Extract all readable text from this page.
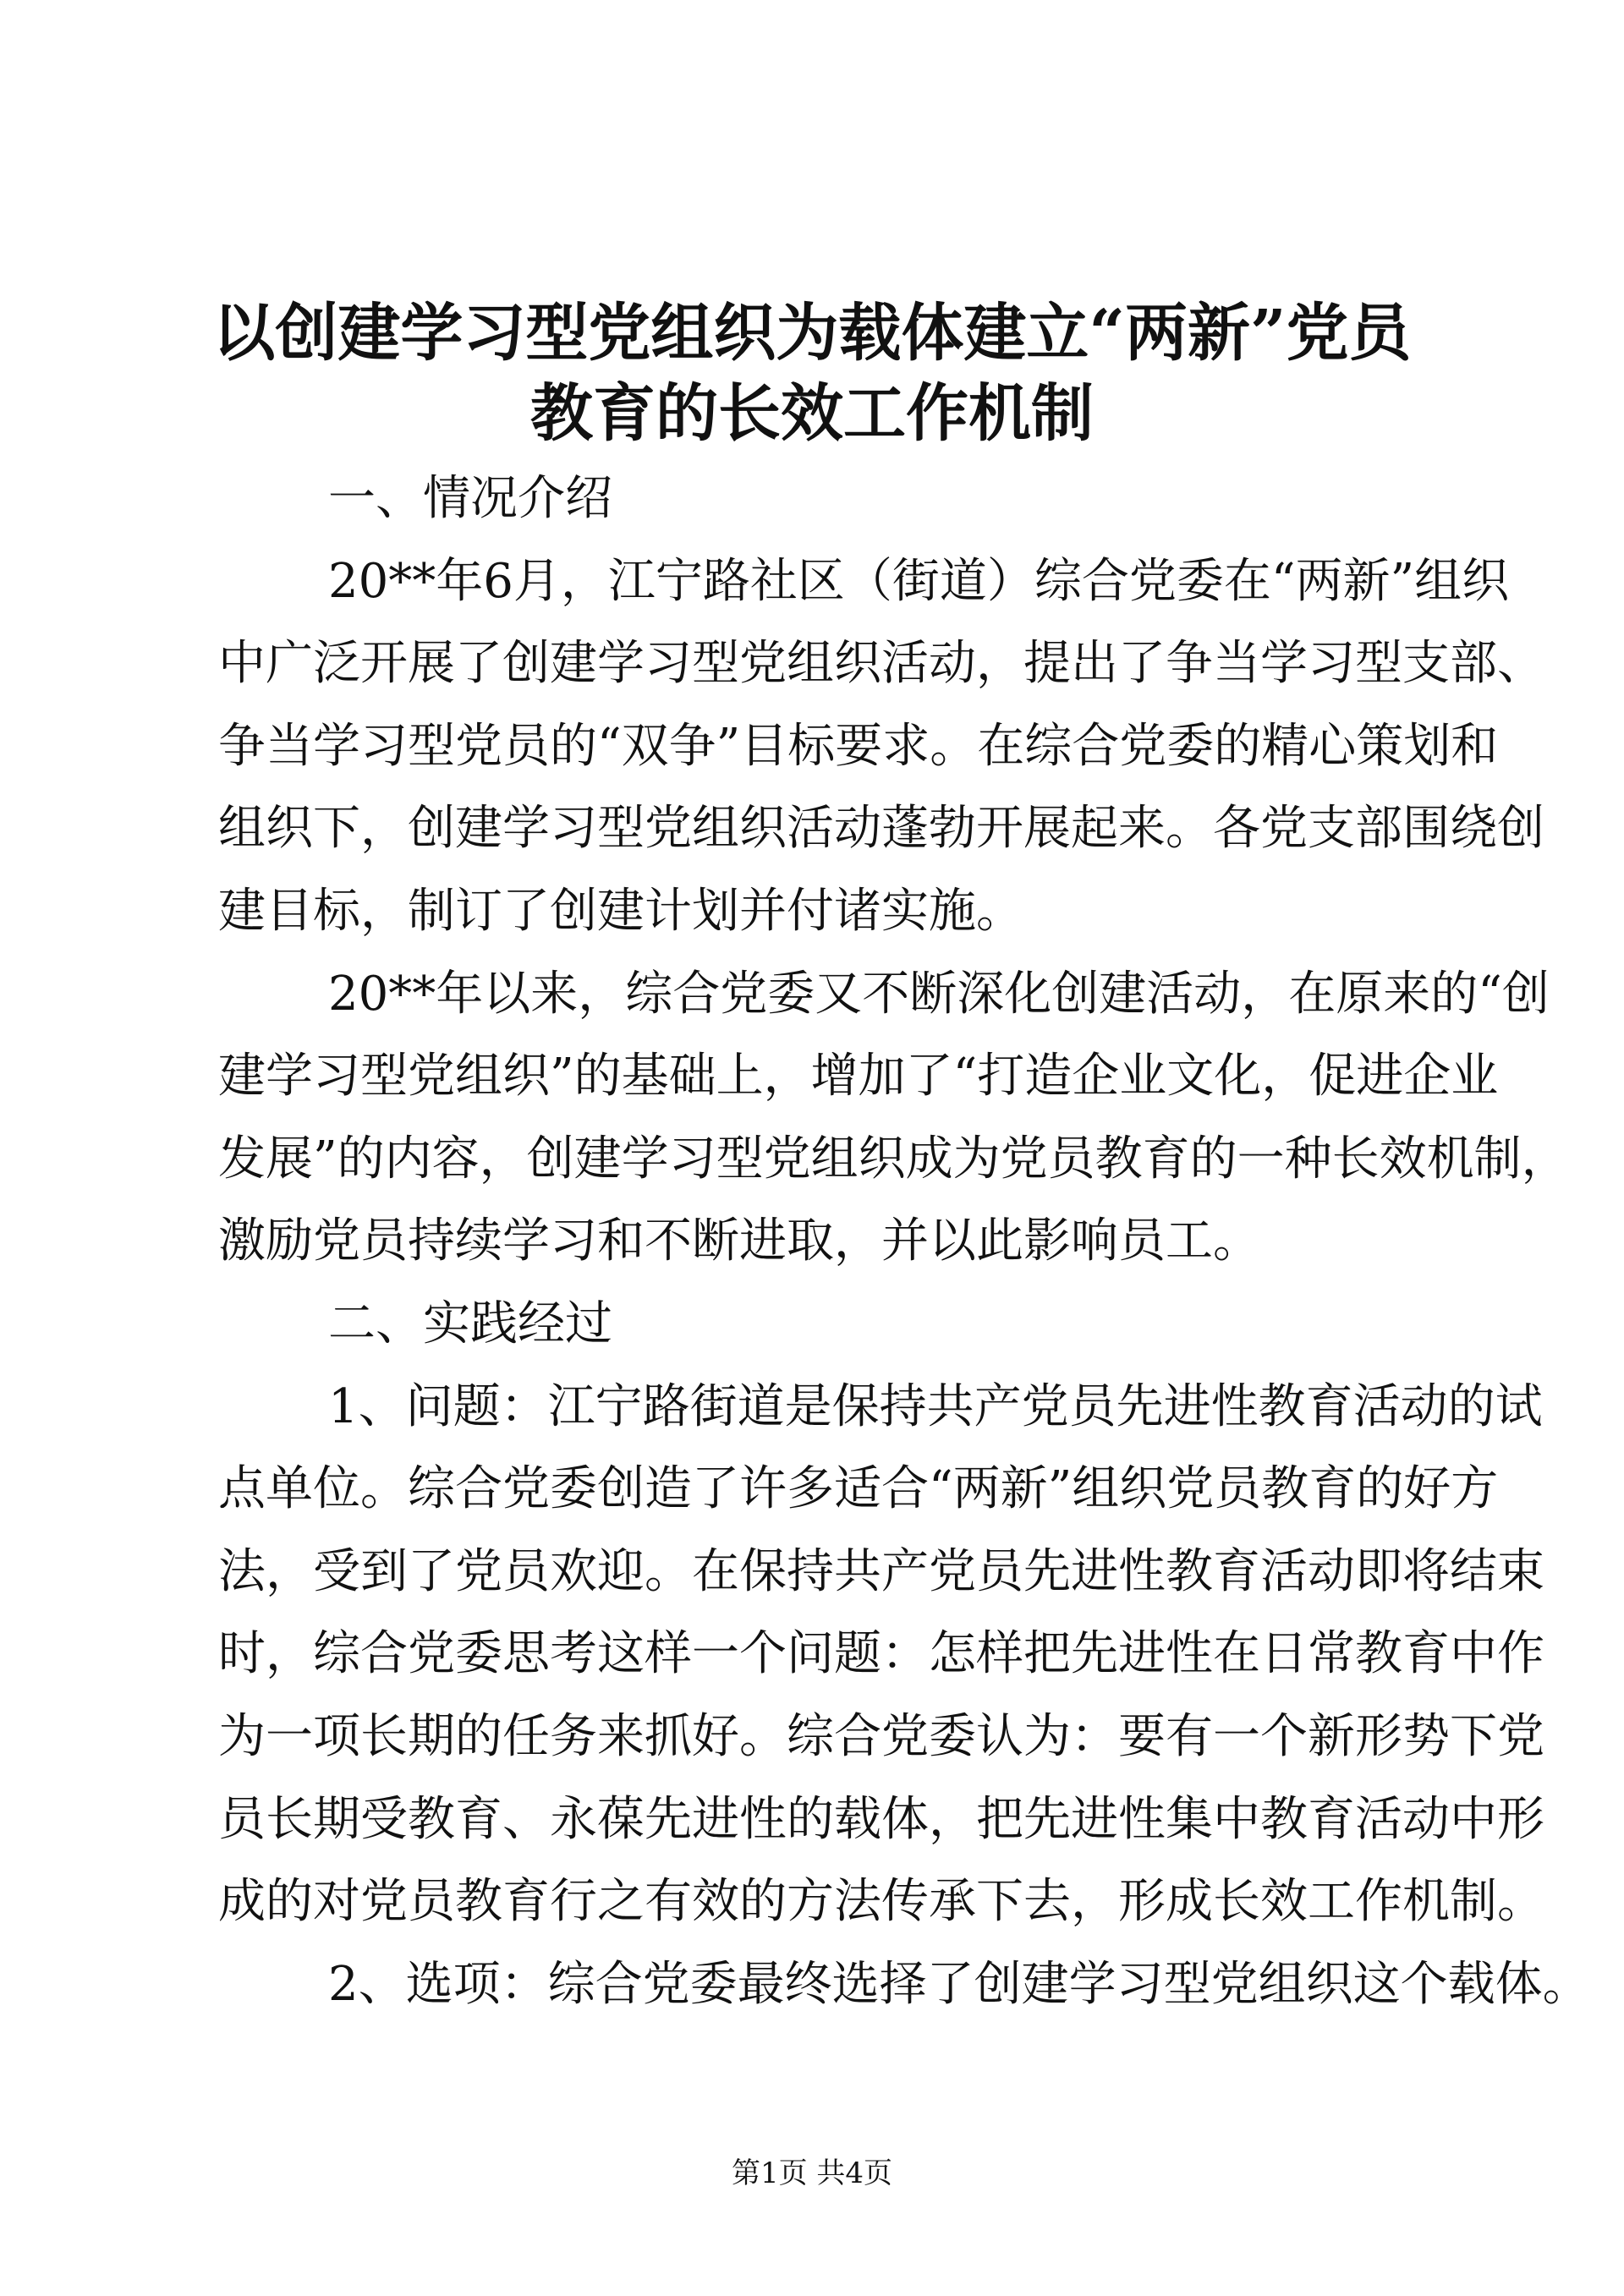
以创建学习型党组织为载体建立“两新”党员
教育的长效工作机制
一、情况介绍
20**年6月，江宁路社区（街道）综合党委在“两新”组织
中广泛开展了创建学习型党组织活动，提出了争当学习型支部、
争当学习型党员的“双争”目标要求。在综合党委的精心策划和
组织下，创建学习型党组织活动蓬勃开展起来。各党支部围绕创
建目标，制订了创建计划并付诸实施。
20**年以来，综合党委又不断深化创建活动，在原来的“创
建学习型党组织”的基础上，增加了“打造企业文化，促进企业
发展”的内容，创建学习型党组织成为党员教育的一种长效机制，
激励党员持续学习和不断进取，并以此影响员工。
二、实践经过
1、问题：江宁路街道是保持共产党员先进性教育活动的试
点单位。综合党委创造了许多适合“两新”组织党员教育的好方
法，受到了党员欢迎。在保持共产党员先进性教育活动即将结束
时，综合党委思考这样一个问题：怎样把先进性在日常教育中作
为一项长期的任务来抓好。综合党委认为：要有一个新形势下党
员长期受教育、永葆先进性的载体，把先进性集中教育活动中形
成的对党员教育行之有效的方法传承下去，形成长效工作机制。
2、选项：综合党委最终选择了创建学习型党组织这个载体。
第1页 共4页
